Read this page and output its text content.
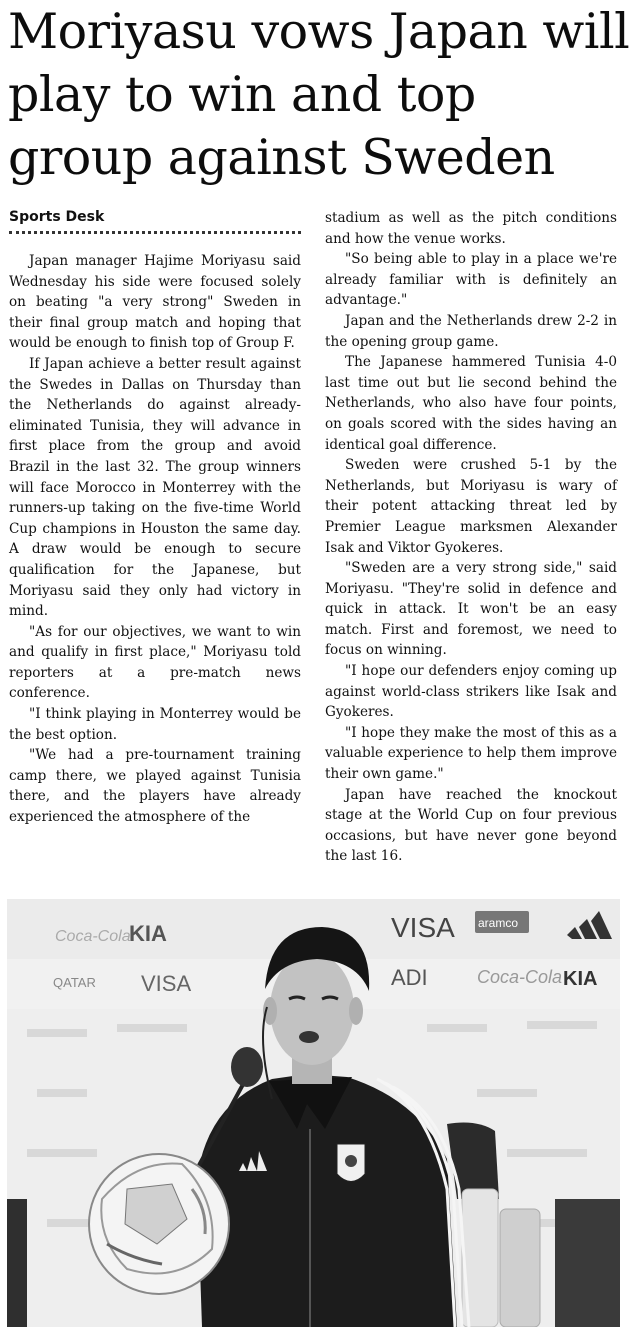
Moriyasu vows Japan will play to win and top group against Sweden
Sports Desk

Japan manager Hajime Moriyasu said Wednesday his side were focused solely on beating "a very strong" Sweden in their final group match and hoping that would be enough to finish top of Group F.

If Japan achieve a better result against the Swedes in Dallas on Thursday than the Netherlands do against already-eliminated Tunisia, they will advance in first place from the group and avoid Brazil in the last 32. The group winners will face Morocco in Monterrey with the runners-up taking on the five-time World Cup champions in Houston the same day. A draw would be enough to secure qualification for the Japanese, but Moriyasu said they only had victory in mind.

"As for our objectives, we want to win and qualify in first place," Moriyasu told reporters at a pre-match news conference.

"I think playing in Monterrey would be the best option.

"We had a pre-tournament training camp there, we played against Tunisia there, and the players have already experienced the atmosphere of the

stadium as well as the pitch conditions and how the venue works.

"So being able to play in a place we're already familiar with is definitely an advantage."

Japan and the Netherlands drew 2-2 in the opening group game.

The Japanese hammered Tunisia 4-0 last time out but lie second behind the Netherlands, who also have four points, on goals scored with the sides having an identical goal difference.

Sweden were crushed 5-1 by the Netherlands, but Moriyasu is wary of their potent attacking threat led by Premier League marksmen Alexander Isak and Viktor Gyokeres.

"Sweden are a very strong side," said Moriyasu. "They're solid in defence and quick in attack. It won't be an easy match. First and foremost, we need to focus on winning.

"I hope our defenders enjoy coming up against world-class strikers like Isak and Gyokeres.

"I hope they make the most of this as a valuable experience to help them improve their own game."

Japan have reached the knockout stage at the World Cup on four previous occasions, but have never gone beyond the last 16.

KIA	VISA aramco
VISA
QATAR
Coca-Cola
ADI	Coca-Cola KIA
